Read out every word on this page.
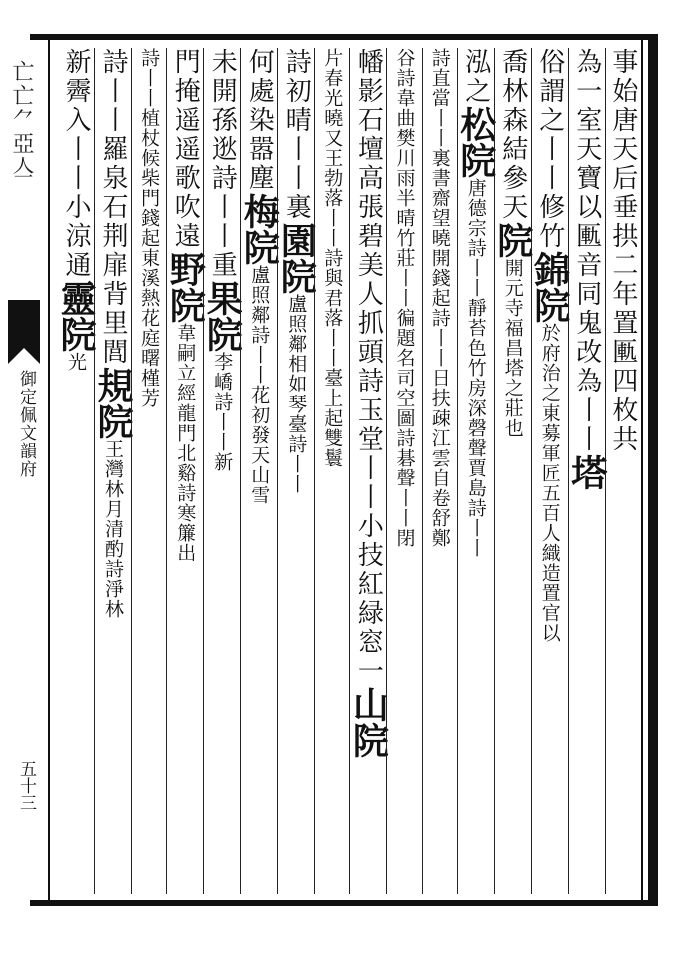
亡亡⺈亞亼
御定佩文韻府
五十三
事始唐天后垂拱二年置匭四枚共
為一室天寶以匭音同鬼改為丨丨塔
俗謂之丨丨修竹錦院於府治之東募軍匠五百人織造置官以
喬林森結參天院開元寺福昌塔之莊也
泓之松院唐德宗詩丨丨靜苔色竹房深磬聲賈島詩丨丨
詩直當丨丨裏書齋望曉開錢起詩丨丨日扶疎江雲自卷舒鄭
谷詩韋曲樊川雨半晴竹莊丨丨徧題名司空圖詩碁聲丨丨閉
幡影石壇高張碧美人抓頭詩玉堂丨丨小技紅緑窓一山院
片春光曉又王勃落丨丨詩與君落丨丨臺上起雙鬟
詩初晴丨丨裏園院盧照鄰相如琴臺詩丨丨
何處染嚣塵梅院盧照鄰詩丨丨花初發天山雪
未開孫逖詩丨丨重果院李嶠詩丨丨新
門掩遥遥歌吹遠野院韋嗣立經龍門北谿詩寒簾出
詩丨丨植杖候柴門錢起東溪熱花庭曙槿芳
詩丨丨羅泉石荆扉背里閭規院王灣林月清酌詩淨林
新霽入丨丨小涼通靈院光
